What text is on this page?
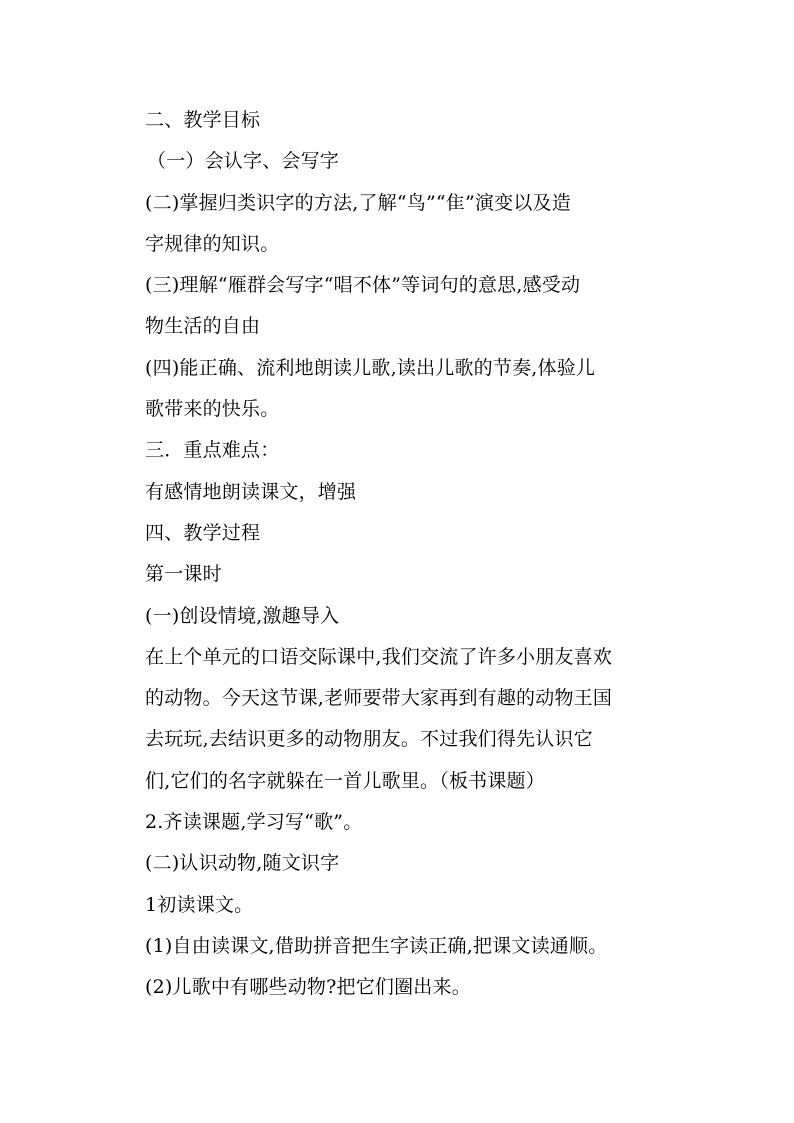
二、教学目标
（一）会认字、会写字
(二)掌握归类识字的方法,了解“鸟”“隹”演变以及造
字规律的知识。
(三)理解“雁群会写字“唱不体”等词句的意思,感受动
物生活的自由
(四)能正确、流利地朗读儿歌,读出儿歌的节奏,体验儿
歌带来的快乐。
三．重点难点：
有感情地朗读课文，增强
四、教学过程
第一课时
(一)创设情境,激趣导入
在上个单元的口语交际课中,我们交流了许多小朋友喜欢
的动物。今天这节课,老师要带大家再到有趣的动物王国
去玩玩,去结识更多的动物朋友。不过我们得先认识它
们,它们的名字就躲在一首儿歌里。（板书课题）
2.齐读课题,学习写“歌”。
(二)认识动物,随文识字
1初读课文。
(1)自由读课文,借助拼音把生字读正确,把课文读通顺。
(2)儿歌中有哪些动物?把它们圈出来。
